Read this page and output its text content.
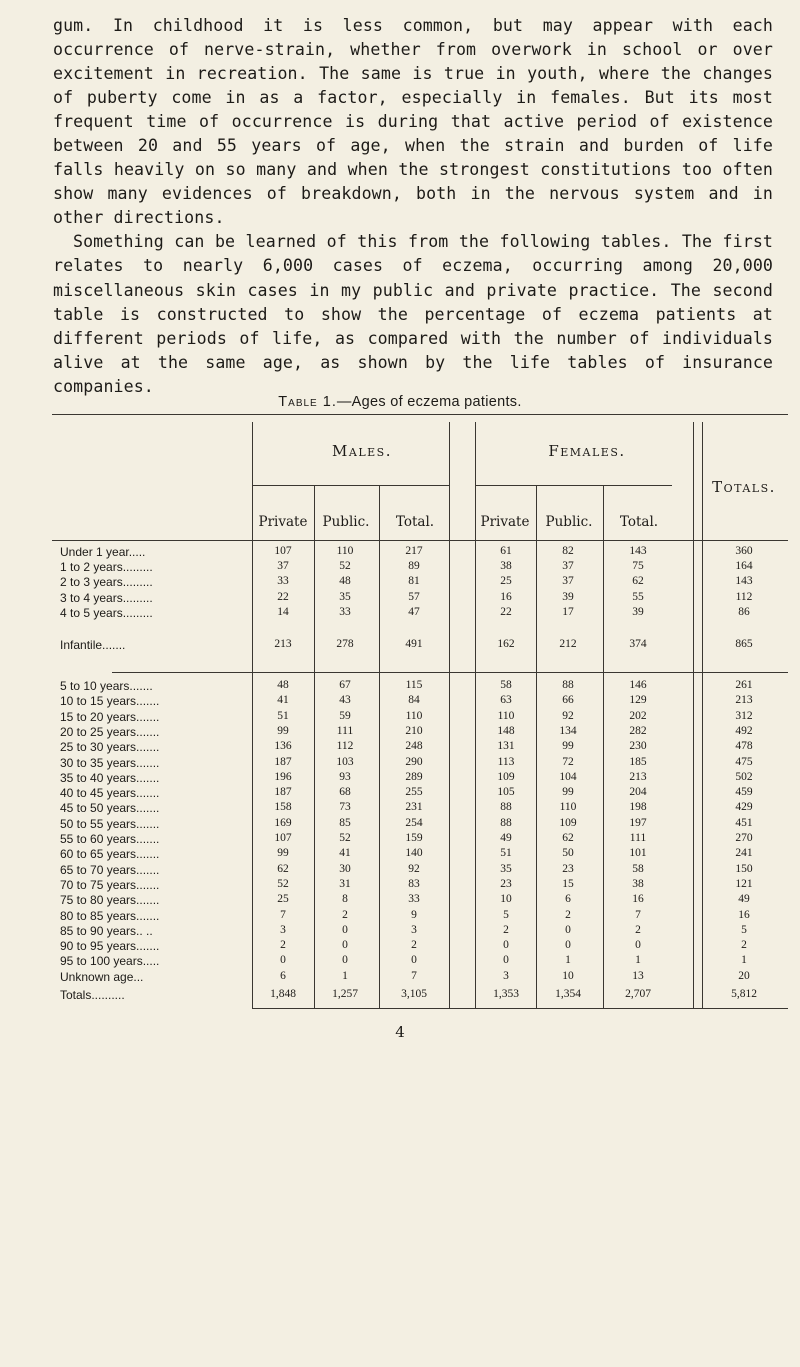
gum. In childhood it is less common, but may appear with each occurrence of nerve-strain, whether from overwork in school or over excitement in recreation. The same is true in youth, where the changes of puberty come in as a factor, especially in females. But its most frequent time of occurrence is during that active period of existence between 20 and 55 years of age, when the strain and burden of life falls heavily on so many and when the strongest constitutions too often show many evidences of breakdown, both in the nervous system and in other directions.

Something can be learned of this from the following tables. The first relates to nearly 6,000 cases of eczema, occurring among 20,000 miscellaneous skin cases in my public and private practice. The second table is constructed to show the percentage of eczema patients at different periods of life, as compared with the number of individuals alive at the same age, as shown by the life tables of insurance companies.

Table 1.—Ages of eczema patients.
Males.	Females.
Totals.
Private	Public.	Total.	Private	Public.	Total.
Under 1 year.....	107	110	217	61	82	143	360
1 to 2 years.........	37	52	89	38	37	75	164
2 to 3 years.........	33	48	81	25	37	62	143
3 to 4 years.........	22	35	57	16	39	55	112
4 to 5 years.........	14	33	47	22	17	39	86
Infantile.......	213	278	491	162	212	374	865
5 to 10 years.......	48	67	115	58	88	146	261
10 to 15 years.......	41	43	84	63	66	129	213
15 to 20 years.......	51	59	110	110	92	202	312
20 to 25 years.......	99	111	210	148	134	282	492
25 to 30 years.......	136	112	248	131	99	230	478
30 to 35 years.......	187	103	290	113	72	185	475
35 to 40 years.......	196	93	289	109	104	213	502
40 to 45 years.......	187	68	255	105	99	204	459
45 to 50 years.......	158	73	231	88	110	198	429
50 to 55 years.......	169	85	254	88	109	197	451
55 to 60 years.......	107	52	159	49	62	111	270
60 to 65 years.......	99	41	140	51	50	101	241
65 to 70 years.......	62	30	92	35	23	58	150
70 to 75 years.......	52	31	83	23	15	38	121
75 to 80 years.......	25	8	33	10	6	16	49
80 to 85 years.......	7	2	9	5	2	7	16
85 to 90 years.. ..	3	0	3	2	0	2	5
90 to 95 years.......	2	0	2	0	0	0	2
95 to 100 years.....	0	0	0	0	1	1	1
Unknown age...	6	1	7	3	10	13	20
Totals..........	1,848	1,257	3,105	1,353	1,354	2,707	5,812
4
